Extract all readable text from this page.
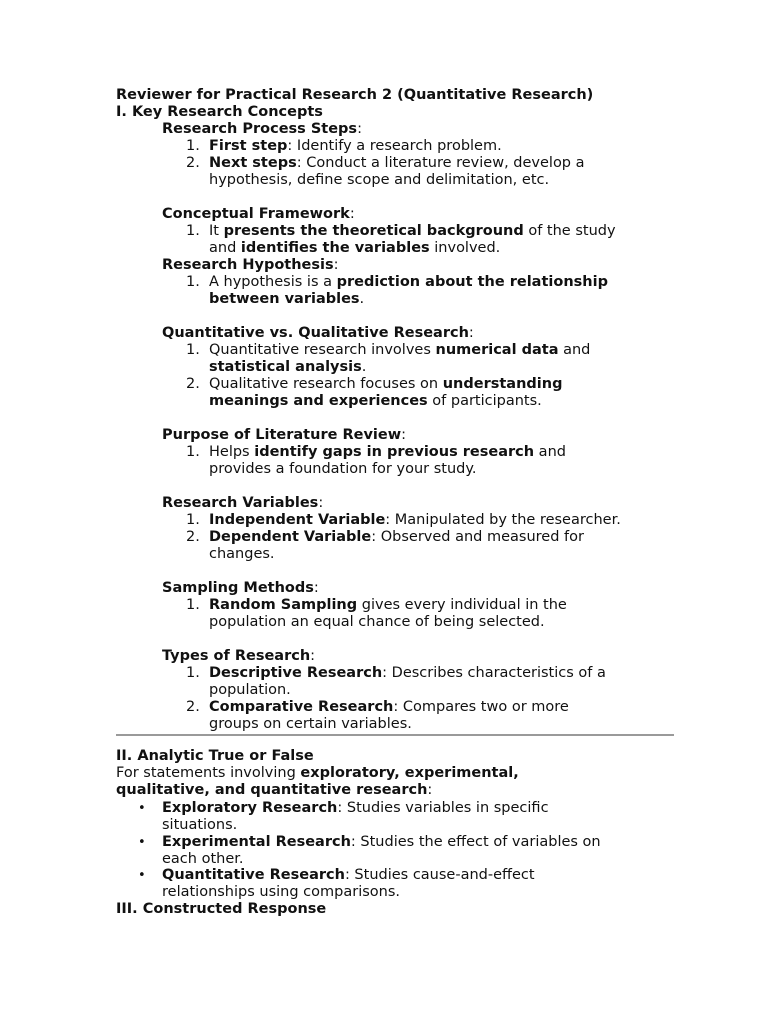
Reviewer for Practical Research 2 (Quantitative Research)
I. Key Research Concepts
Research Process Steps:
1. First step: Identify a research problem.
2. Next steps: Conduct a literature review, develop a
hypothesis, define scope and delimitation, etc.
Conceptual Framework:
1. It presents the theoretical background of the study
and identifies the variables involved.
Research Hypothesis:
1. A hypothesis is a prediction about the relationship
between variables.
Quantitative vs. Qualitative Research:
1. Quantitative research involves numerical data and
statistical analysis.
2. Qualitative research focuses on understanding
meanings and experiences of participants.
Purpose of Literature Review:
1. Helps identify gaps in previous research and
provides a foundation for your study.
Research Variables:
1. Independent Variable: Manipulated by the researcher.
2. Dependent Variable: Observed and measured for
changes.
Sampling Methods:
1. Random Sampling gives every individual in the
population an equal chance of being selected.
Types of Research:
1. Descriptive Research: Describes characteristics of a
population.
2. Comparative Research: Compares two or more
groups on certain variables.
II. Analytic True or False
For statements involving exploratory, experimental,
qualitative, and quantitative research:
• Exploratory Research: Studies variables in specific
situations.
• Experimental Research: Studies the effect of variables on
each other.
• Quantitative Research: Studies cause-and-effect
relationships using comparisons.
III. Constructed Response
